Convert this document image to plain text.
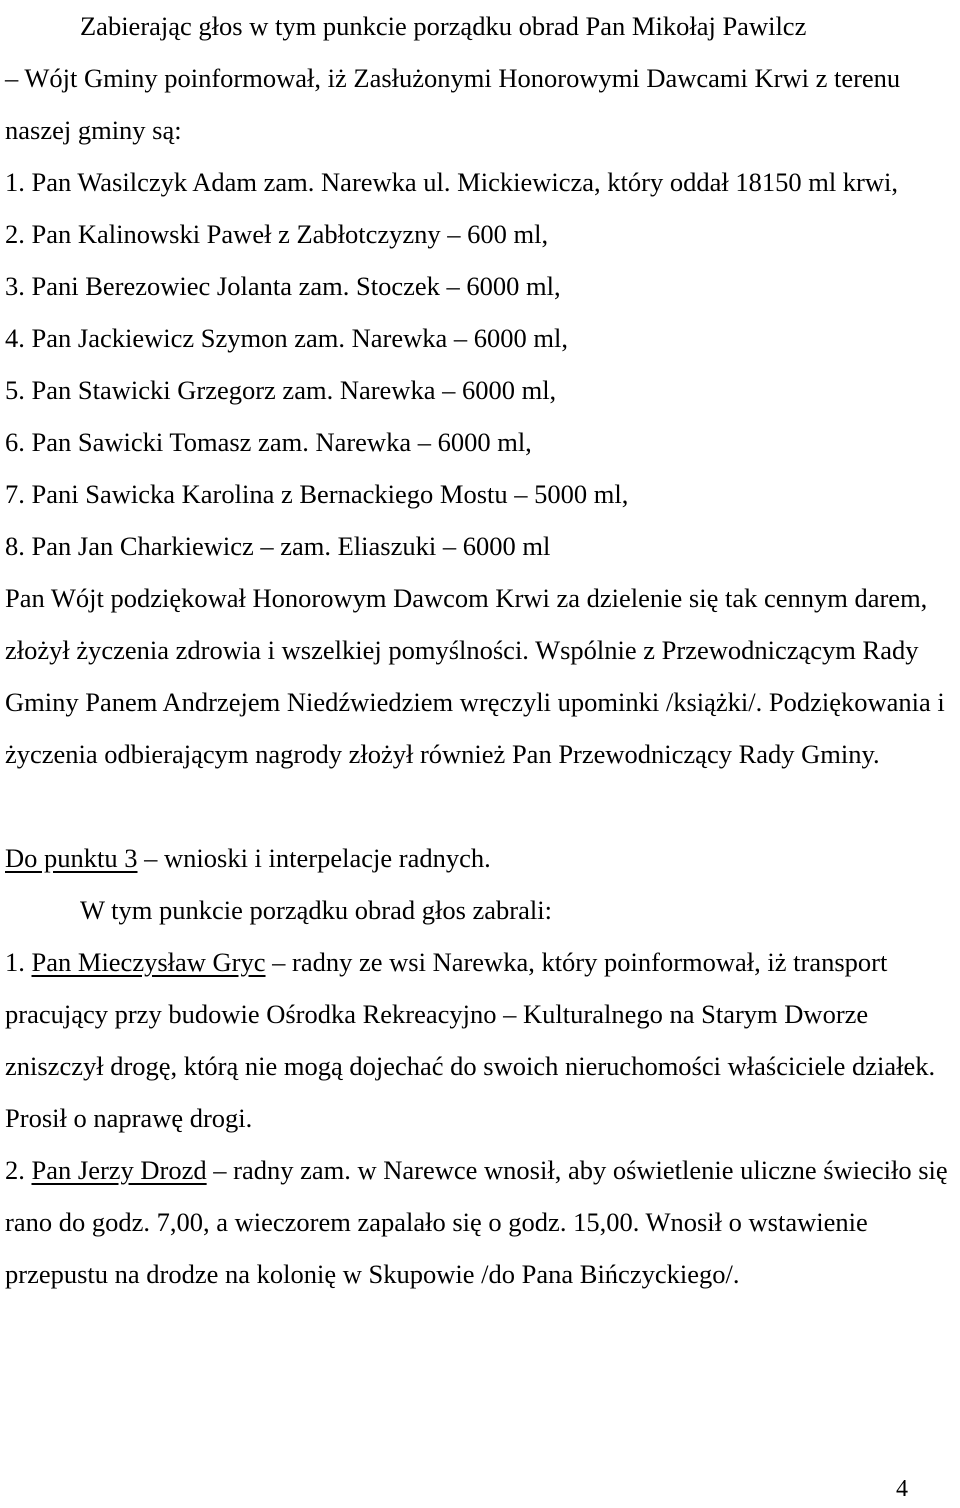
Zabierając głos w tym punkcie porządku obrad Pan Mikołaj Pawilcz
– Wójt Gminy poinformował, iż Zasłużonymi Honorowymi Dawcami Krwi z terenu naszej gminy są:

1. Pan Wasilczyk Adam zam. Narewka ul. Mickiewicza, który oddał 18150 ml krwi,
2. Pan Kalinowski Paweł z Zabłotczyzny – 600 ml,
3. Pani Berezowiec Jolanta zam. Stoczek – 6000 ml,
4. Pan Jackiewicz Szymon zam. Narewka – 6000 ml,
5. Pan Stawicki Grzegorz zam. Narewka – 6000 ml,
6. Pan Sawicki Tomasz zam. Narewka – 6000 ml,
7. Pani Sawicka Karolina z Bernackiego Mostu – 5000 ml,
8. Pan Jan Charkiewicz – zam. Eliaszuki – 6000 ml

Pan Wójt podziękował Honorowym Dawcom Krwi za dzielenie się tak cennym darem, złożył życzenia zdrowia i wszelkiej pomyślności. Wspólnie z Przewodniczącym Rady Gminy Panem Andrzejem Niedźwiedziem wręczyli upominki /książki/. Podziękowania i życzenia odbierającym nagrody złożył również Pan Przewodniczący Rady Gminy.

Do punktu 3 – wnioski i interpelacje radnych.

W tym punkcie porządku obrad głos zabrali:

1. Pan Mieczysław Gryc – radny ze wsi Narewka, który poinformował, iż transport pracujący przy budowie Ośrodka Rekreacyjno – Kulturalnego na Starym Dworze zniszczył drogę, którą nie mogą dojechać do swoich nieruchomości właściciele działek. Prosił o naprawę drogi.

2. Pan Jerzy Drozd – radny zam. w Narewce wnosił, aby oświetlenie uliczne świeciło się rano do godz. 7,00, a wieczorem zapalało się o godz. 15,00. Wnosił o wstawienie przepustu na drodze na kolonię w Skupowie /do Pana Bińczyckiego/.

4
